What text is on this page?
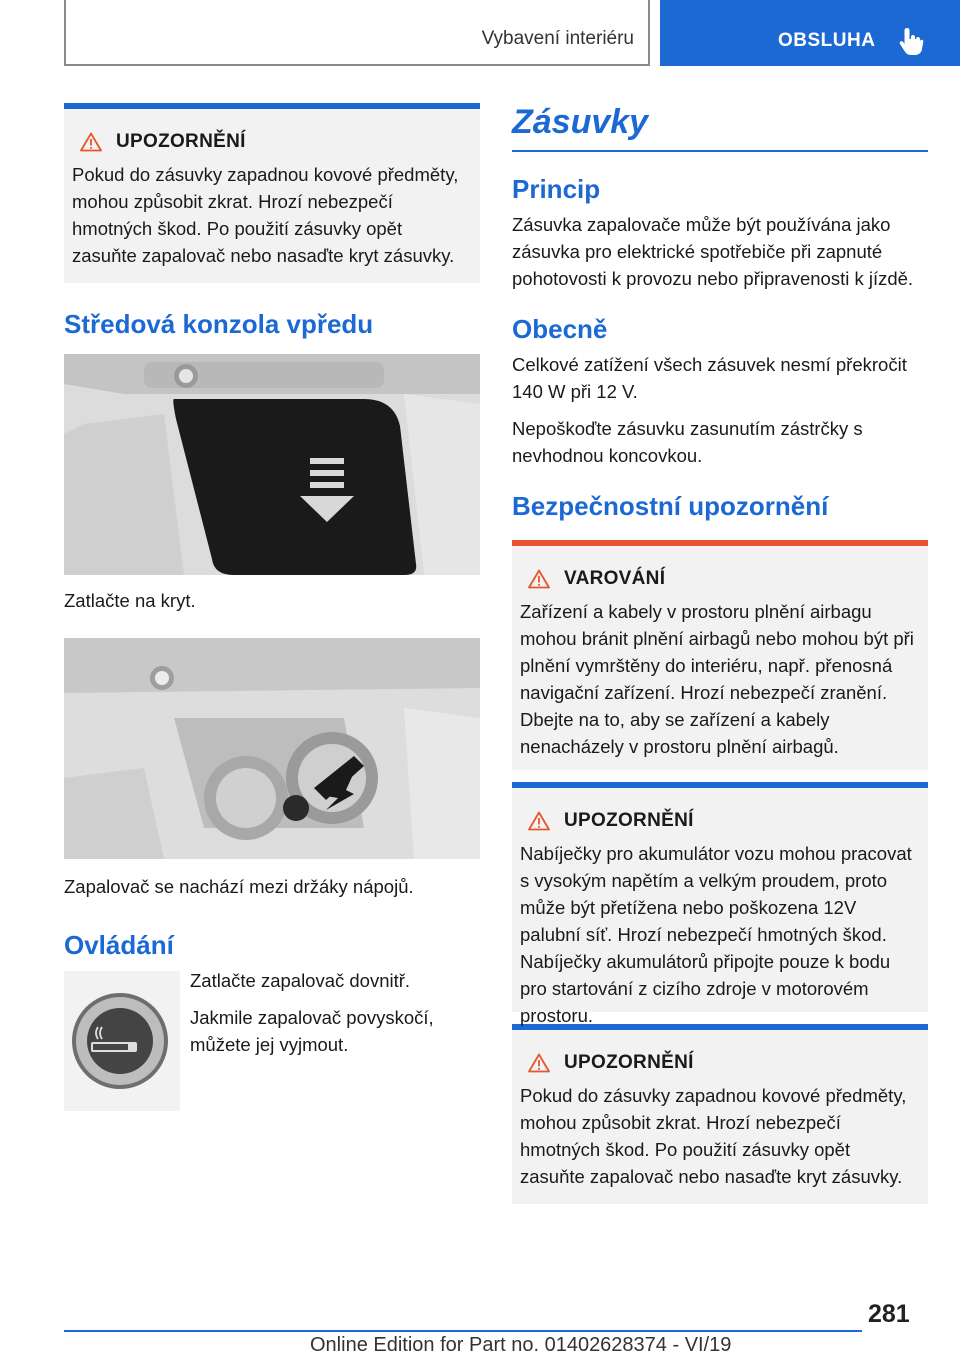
Vybavení interiéru	OBSLUHA
UPOZORNĚNÍ
Pokud do zásuvky zapadnou kovové předměty, mohou způsobit zkrat. Hrozí nebezpečí hmotných škod. Po použití zásuvky opět zasuňte zapalovač nebo nasaďte kryt zásuvky.
Středová konzola vpředu
Zatlačte na kryt.
Zapalovač se nachází mezi držáky nápojů.
Ovládání
Zatlačte zapalovač dovnitř.
Jakmile zapalovač povyskočí, můžete jej vyjmout.
Zásuvky
Princip
Zásuvka zapalovače může být používána jako zásuvka pro elektrické spotřebiče při zapnuté pohotovosti k provozu nebo připravenosti k jízdě.
Obecně
Celkové zatížení všech zásuvek nesmí překročit 140 W při 12 V.
Nepoškoďte zásuvku zasunutím zástrčky s nevhodnou koncovkou.
Bezpečnostní upozornění
VAROVÁNÍ
Zařízení a kabely v prostoru plnění airbagu mohou bránit plnění airbagů nebo mohou být při plnění vymrštěny do interiéru, např. přenosná navigační zařízení. Hrozí nebezpečí zranění. Dbejte na to, aby se zařízení a kabely nenacházely v prostoru plnění airbagů.
UPOZORNĚNÍ
Nabíječky pro akumulátor vozu mohou pracovat s vysokým napětím a velkým proudem, proto může být přetížena nebo poškozena 12V palubní síť. Hrozí nebezpečí hmotných škod. Nabíječky akumulátorů připojte pouze k bodu pro startování z cizího zdroje v motorovém prostoru.
UPOZORNĚNÍ
Pokud do zásuvky zapadnou kovové předměty, mohou způsobit zkrat. Hrozí nebezpečí hmotných škod. Po použití zásuvky opět zasuňte zapalovač nebo nasaďte kryt zásuvky.
281
Online Edition for Part no. 01402628374 - VI/19
